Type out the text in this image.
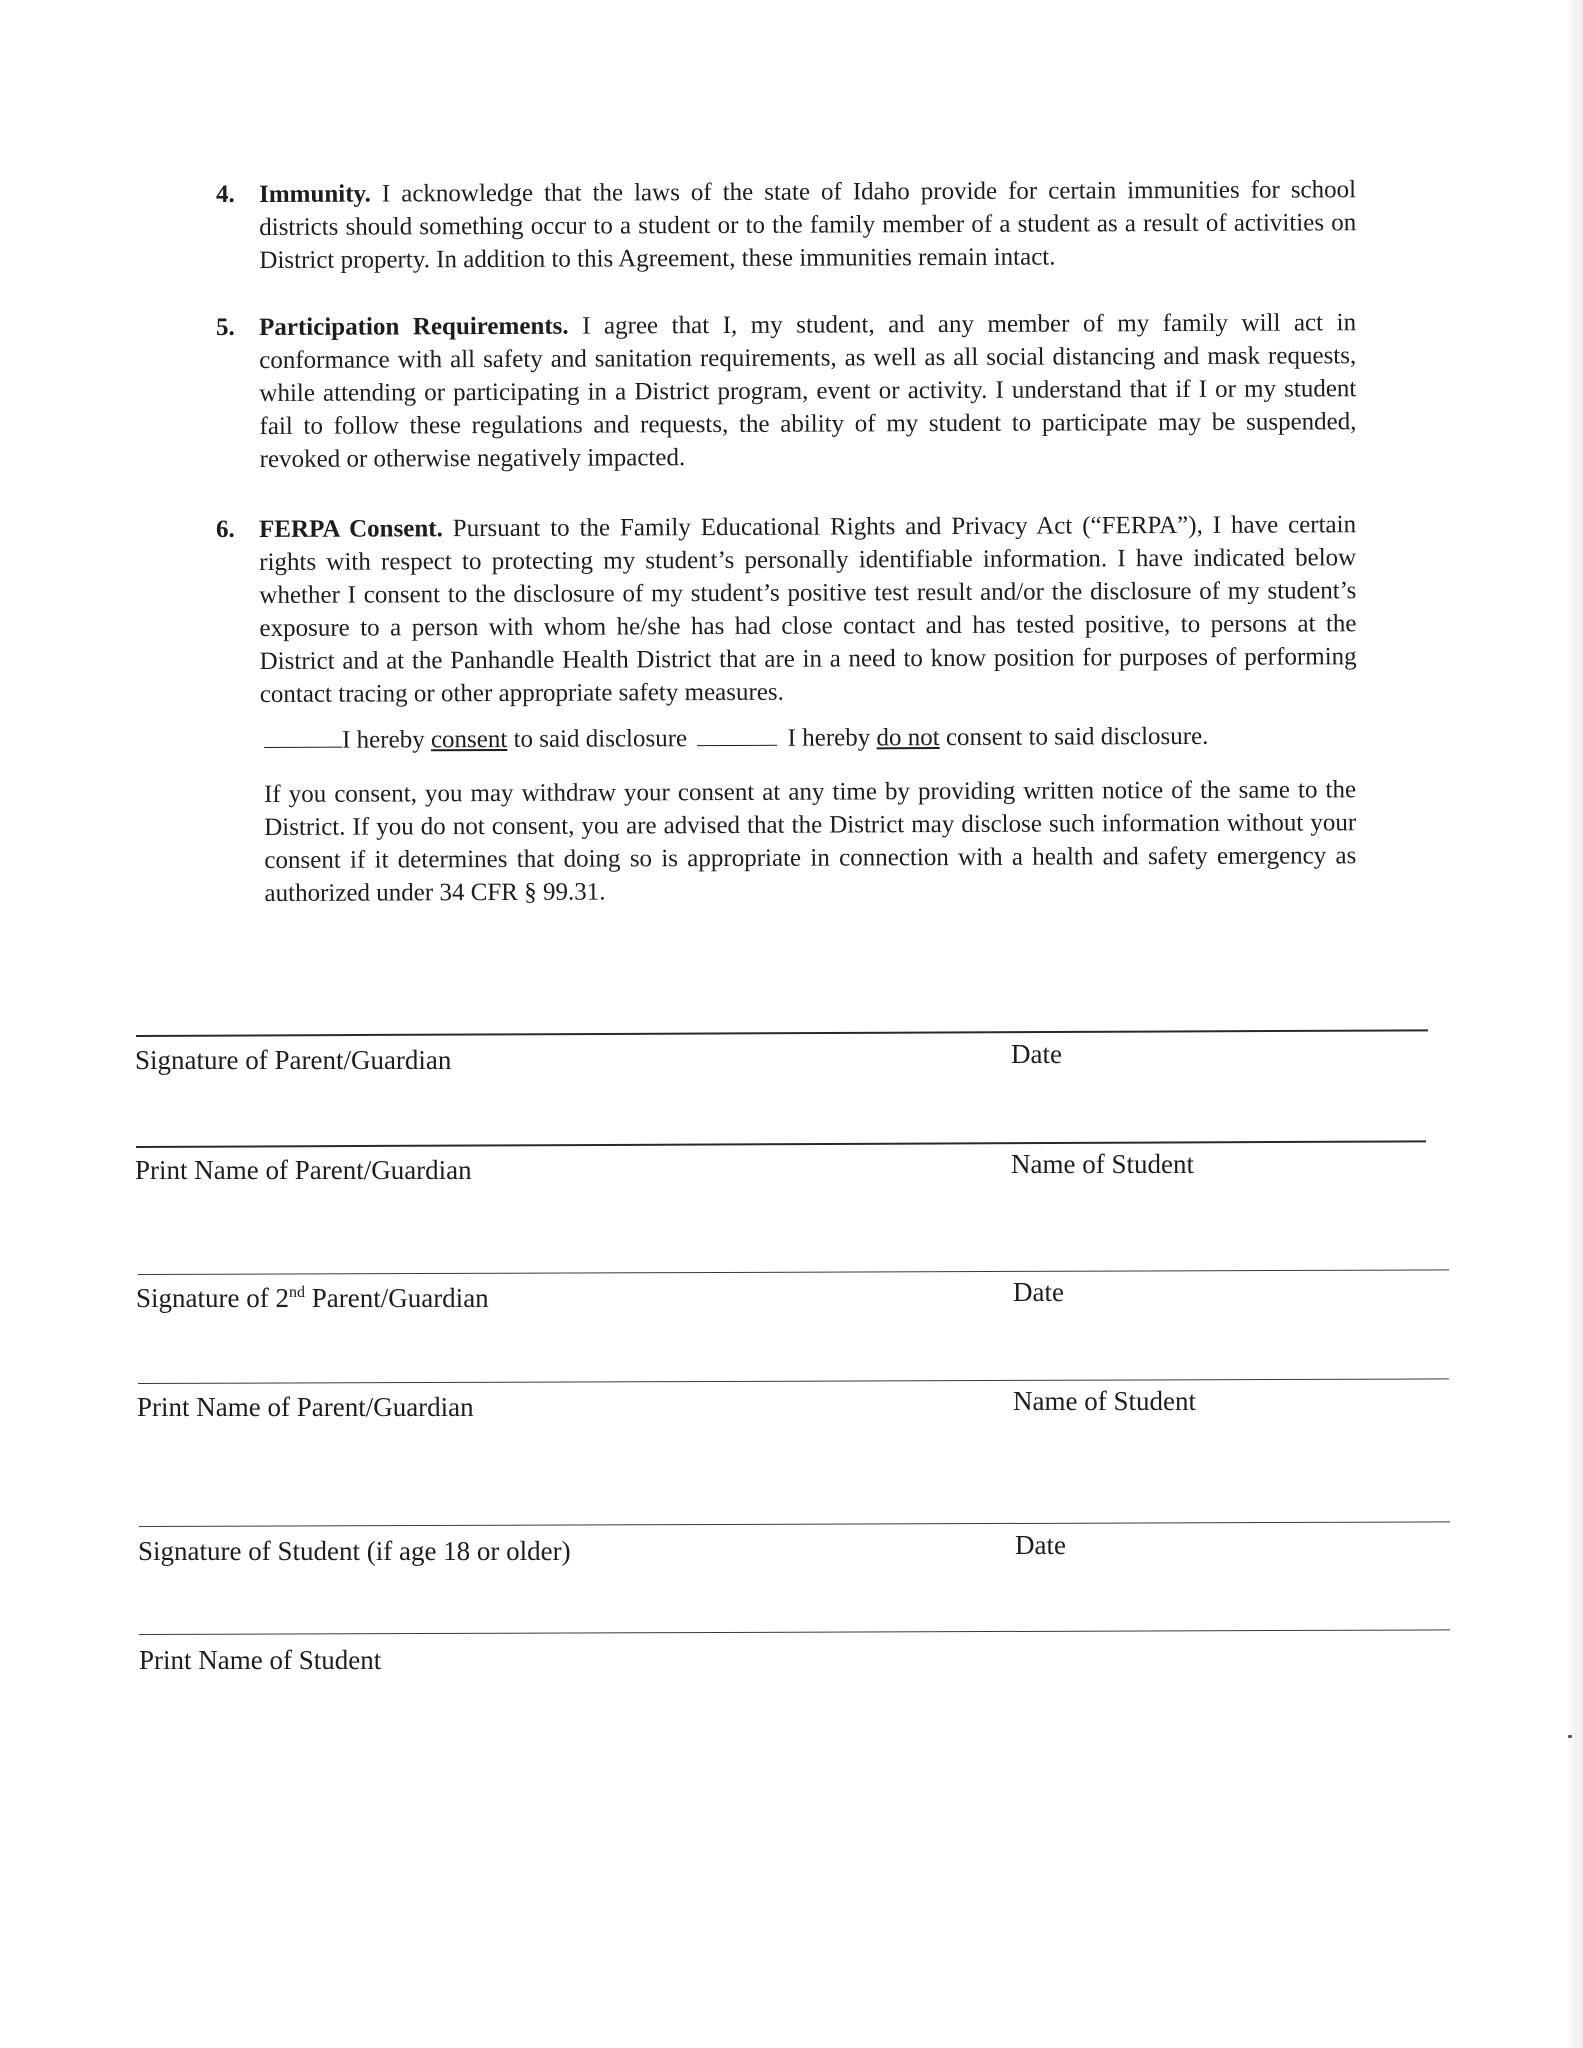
4. Immunity. I acknowledge that the laws of the state of Idaho provide for certain immunities for school districts should something occur to a student or to the family member of a student as a result of activities on District property. In addition to this Agreement, these immunities remain intact.
5. Participation Requirements. I agree that I, my student, and any member of my family will act in conformance with all safety and sanitation requirements, as well as all social distancing and mask requests, while attending or participating in a District program, event or activity. I understand that if I or my student fail to follow these regulations and requests, the ability of my student to participate may be suspended, revoked or otherwise negatively impacted.
6. FERPA Consent. Pursuant to the Family Educational Rights and Privacy Act (“FERPA”), I have certain rights with respect to protecting my student’s personally identifiable information. I have indicated below whether I consent to the disclosure of my student’s positive test result and/or the disclosure of my student’s exposure to a person with whom he/she has had close contact and has tested positive, to persons at the District and at the Panhandle Health District that are in a need to know position for purposes of performing contact tracing or other appropriate safety measures.
I hereby consent to said disclosure	I hereby do not consent to said disclosure.
If you consent, you may withdraw your consent at any time by providing written notice of the same to the District. If you do not consent, you are advised that the District may disclose such information without your consent if it determines that doing so is appropriate in connection with a health and safety emergency as authorized under 34 CFR § 99.31.
Signature of Parent/Guardian	Date
Print Name of Parent/Guardian	Name of Student
Signature of 2nd Parent/Guardian	Date
Print Name of Parent/Guardian	Name of Student
Signature of Student (if age 18 or older)	Date
Print Name of Student
